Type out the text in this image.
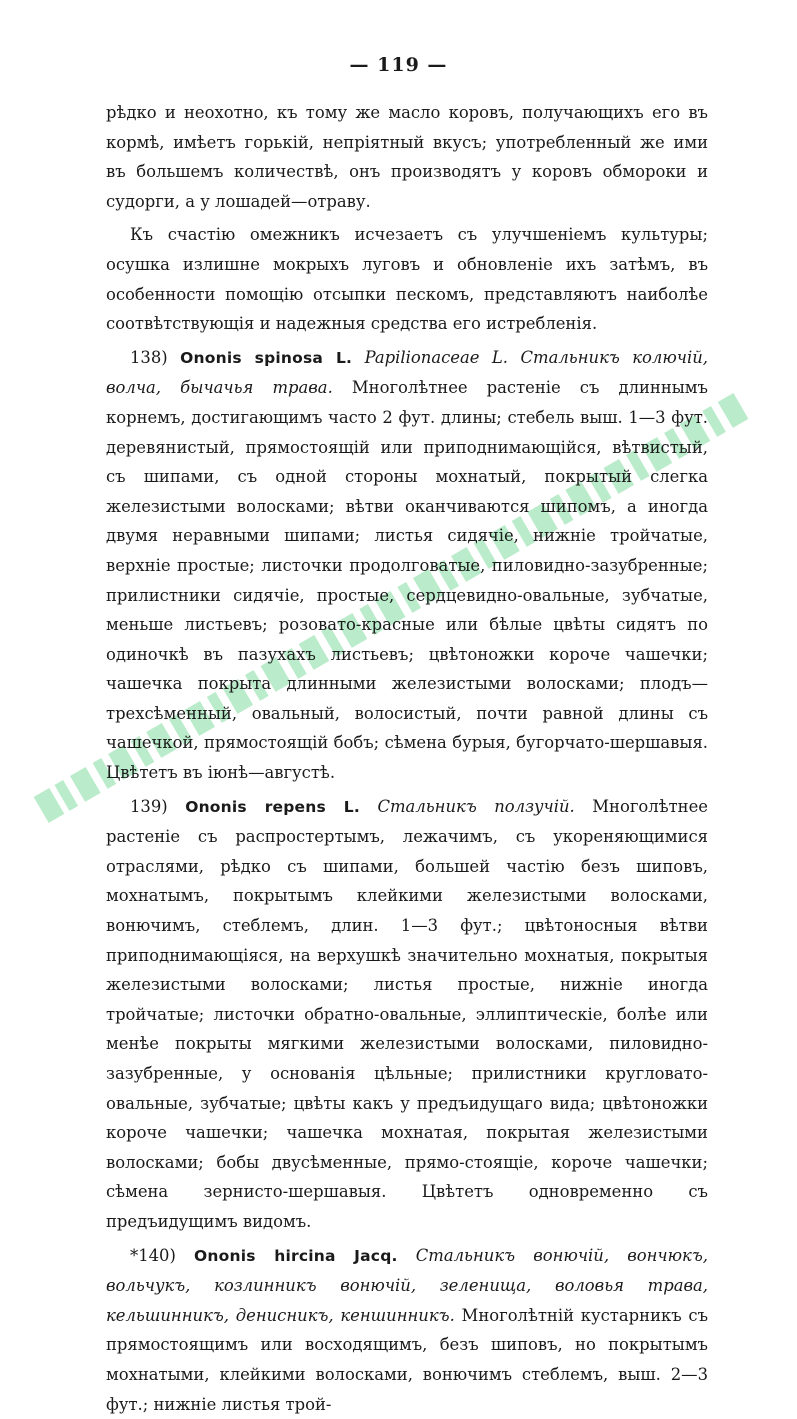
— 119 —

рѣдко и неохотно, къ тому же масло коровъ, получающихъ его въ кормѣ, имѣетъ горькій, непріятный вкусъ; употребленный же ими въ большемъ количествѣ, онъ производятъ у коровъ обмороки и судорги, а у лошадей—отраву.

Къ счастію омежникъ исчезаетъ съ улучшеніемъ культуры; осушка излишне мокрыхъ луговъ и обновленіе ихъ затѣмъ, въ особенности помощію отсыпки пескомъ, представляютъ наиболѣе соотвѣтствующія и надежныя средства его истребленія.

138) Ononis spinosa L. Papilionaceae L. Стальникъ колючій, волча, бычачья трава. Многолѣтнее растеніе съ длиннымъ корнемъ, достигающимъ часто 2 фут. длины; стебель выш. 1—3 фут. деревянистый, прямостоящій или приподнимающійся, вѣтвистый, съ шипами, съ одной стороны мохнатый, покрытый слегка железистыми волосками; вѣтви оканчиваются шипомъ, а иногда двумя неравными шипами; листья сидячіе, нижніе тройчатые, верхніе простые; листочки продолговатые, пиловидно-зазубренные; прилистники сидячіе, простые, сердцевидно-овальные, зубчатые, меньше листьевъ; розовато-красные или бѣлые цвѣты сидятъ по одиночкѣ въ пазухахъ листьевъ; цвѣтоножки короче чашечки; чашечка покрыта длинными железистыми волосками; плодъ—трехсѣменный, овальный, волосистый, почти равной длины съ чашечкой, прямостоящій бобъ; сѣмена бурыя, бугорчато-шершавыя. Цвѣтетъ въ іюнѣ—августѣ.

139) Ononis repens L. Стальникъ ползучій. Многолѣтнее растеніе съ распростертымъ, лежачимъ, съ укореняющимися отраслями, рѣдко съ шипами, большей частію безъ шиповъ, мохнатымъ, покрытымъ клейкими железистыми волосками, вонючимъ, стеблемъ, длин. 1—3 фут.; цвѣтоносныя вѣтви приподнимающіяся, на верхушкѣ значительно мохнатыя, покрытыя железистыми волосками; листья простые, нижніе иногда тройчатые; листочки обратно-овальные, эллиптическіе, болѣе или менѣе покрыты мягкими железистыми волосками, пиловидно-зазубренные, у основанія цѣльные; прилистники кругловато-овальные, зубчатые; цвѣты какъ у предъидущаго вида; цвѣтоножки короче чашечки; чашечка мохнатая, покрытая железистыми волосками; бобы двусѣменные, прямо-стоящіе, короче чашечки; сѣмена зернисто-шершавыя. Цвѣтетъ одновременно съ предъидущимъ видомъ.

*140) Ononis hircina Jacq. Стальникъ вонючій, вончюкъ, вольчукъ, козлинникъ вонючій, зеленища, воловья трава, кельшинникъ, денисникъ, кеншинникъ. Многолѣтній кустарникъ съ прямостоящимъ или восходящимъ, безъ шиповъ, но покрытымъ мохнатыми, клейкими волосками, вонючимъ стеблемъ, выш. 2—3 фут.; нижніе листья трой-
